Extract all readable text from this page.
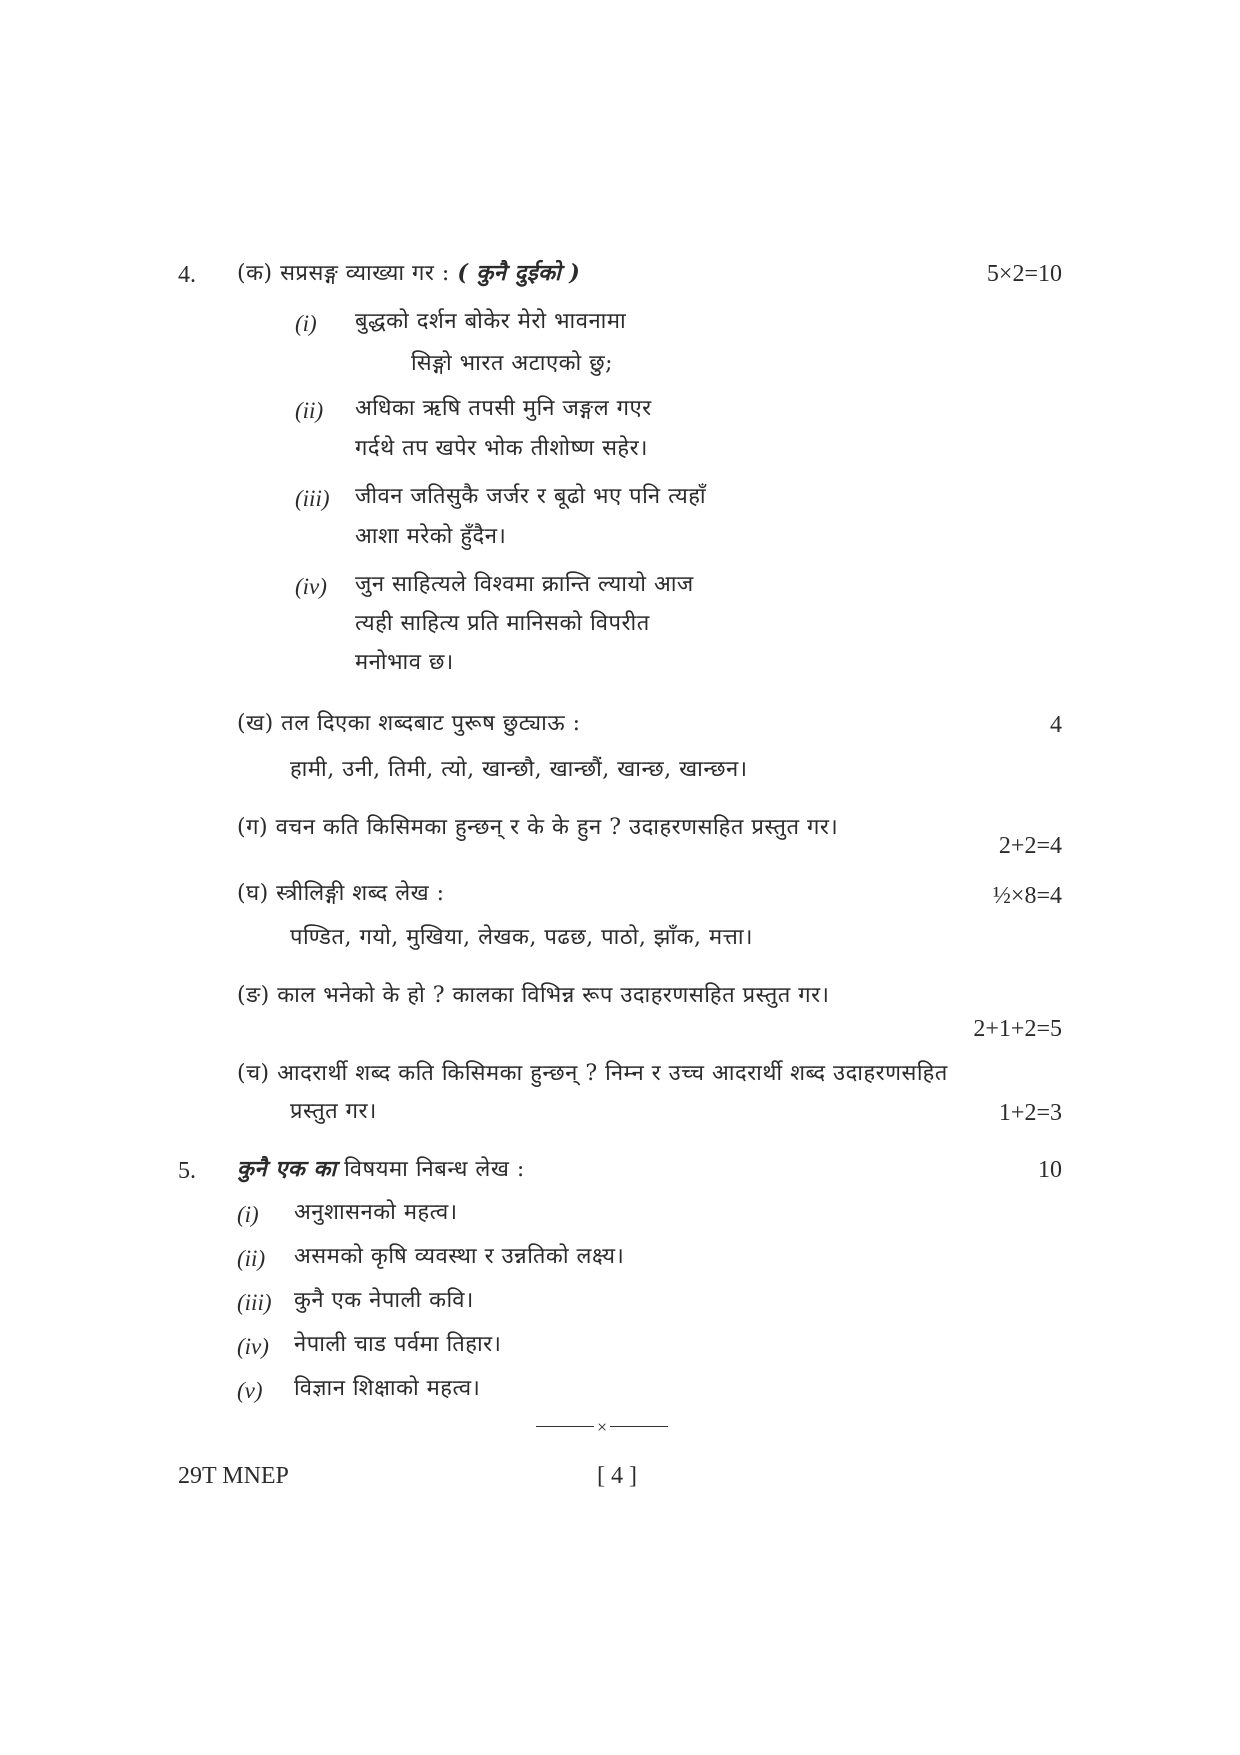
4. (क) सप्रसङ्ग व्याख्या गर : ( कुनै दुईको )	5×2=10
(i) बुद्धको दर्शन बोकेर मेरो भावनामा
सिङ्गो भारत अटाएको छु;
(ii) अधिका ऋषि तपसी मुनि जङ्गल गएर
गर्दथे तप खपेर भोक तीशोष्ण सहेर।
(iii) जीवन जतिसुकै जर्जर र बूढो भए पनि त्यहाँ
आशा मरेको हुँदैन।
(iv) जुन साहित्यले विश्वमा क्रान्ति ल्यायो आज
त्यही साहित्य प्रति मानिसको विपरीत
मनोभाव छ।
(ख) तल दिएका शब्दबाट पुरूष छुट्याऊ :	4
हामी, उनी, तिमी, त्यो, खान्छौ, खान्छौं, खान्छ, खान्छन।
(ग) वचन कति किसिमका हुन्छन् र के के हुन ? उदाहरणसहित प्रस्तुत गर।
2+2=4
(घ) स्त्रीलिङ्गी शब्द लेख :	½×8=4
पण्डित, गयो, मुखिया, लेखक, पढछ, पाठो, झाँक, मत्ता।
(ङ) काल भनेको के हो ? कालका विभिन्न रूप उदाहरणसहित प्रस्तुत गर।
2+1+2=5
(च) आदरार्थी शब्द कति किसिमका हुन्छन् ? निम्न र उच्च आदरार्थी शब्द उदाहरणसहित
प्रस्तुत गर।	1+2=3
5. कुनै एक का विषयमा निबन्ध लेख :	10
(i) अनुशासनको महत्व।
(ii) असमको कृषि व्यवस्था र उन्नतिको लक्ष्य।
(iii) कुनै एक नेपाली कवि।
(iv) नेपाली चाड पर्वमा तिहार।
(v) विज्ञान शिक्षाको महत्व।
×
29T MNEP	[ 4 ]
